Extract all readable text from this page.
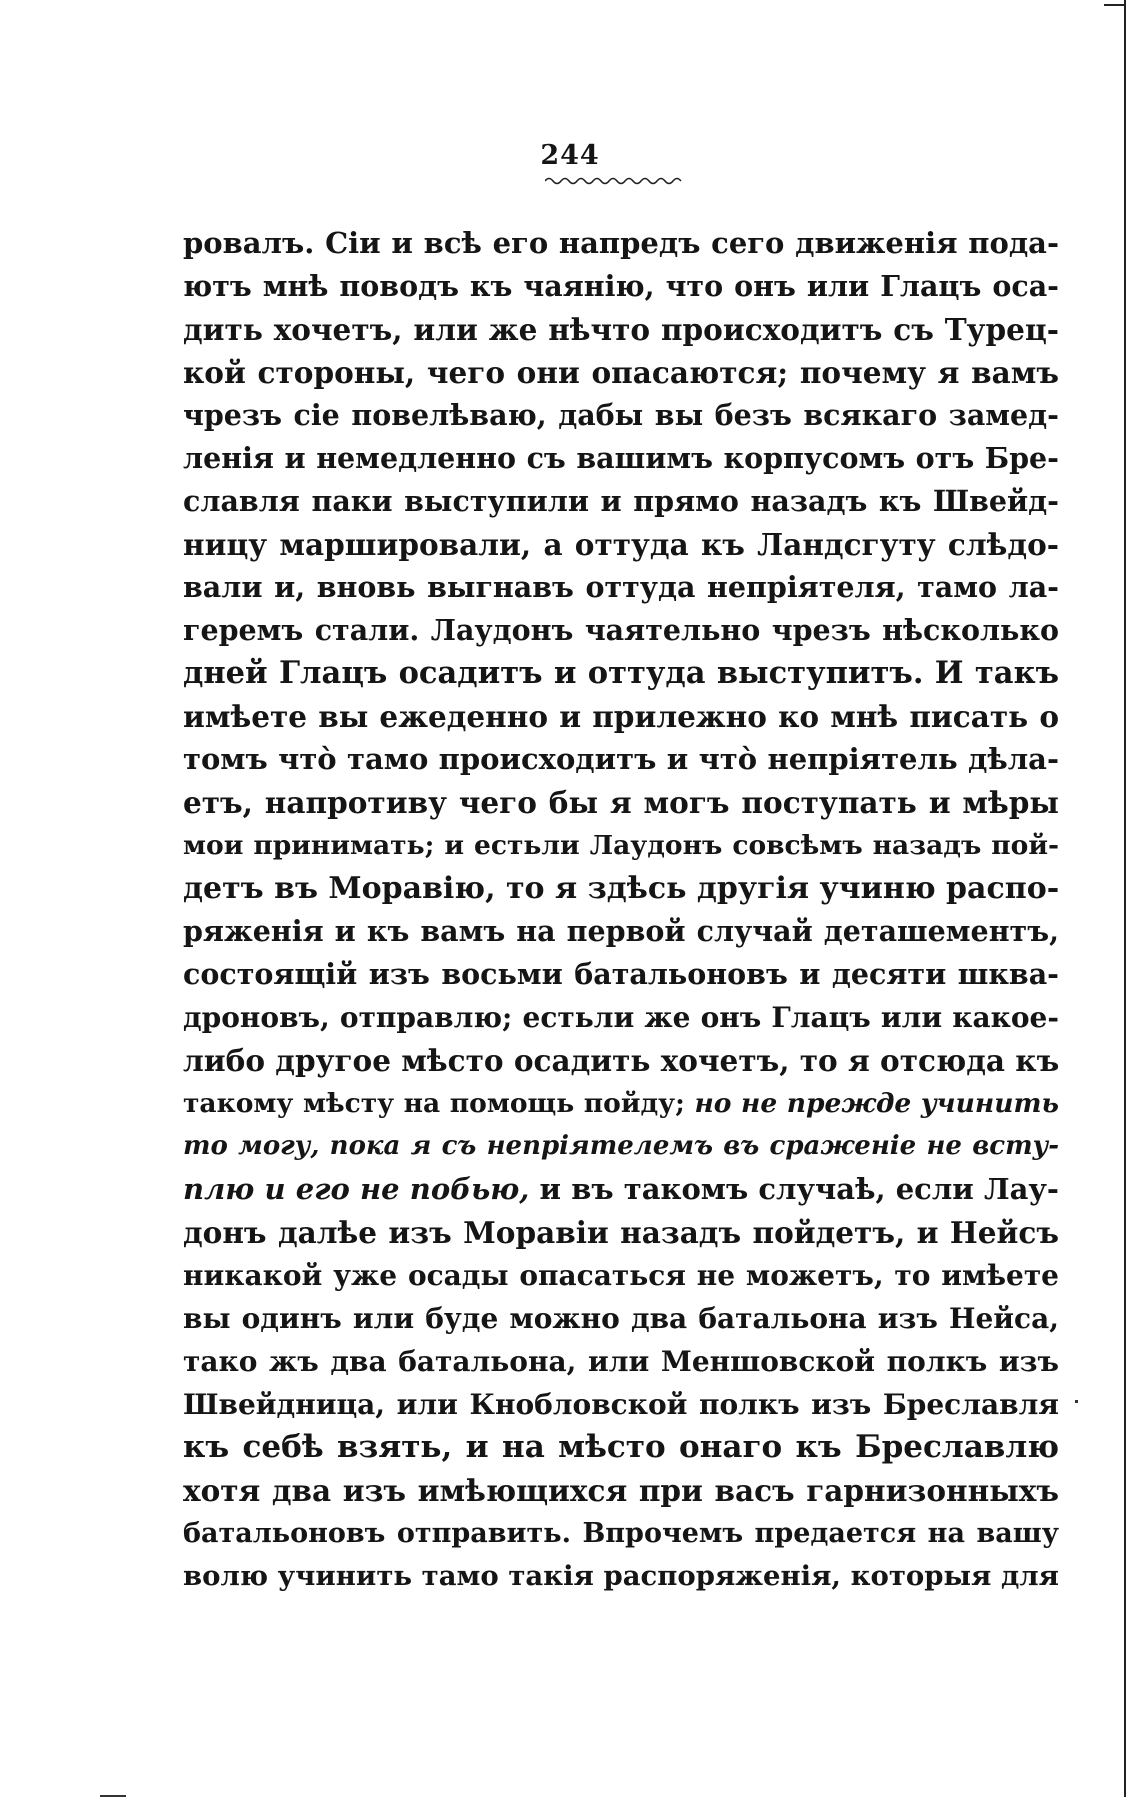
244
ровалъ. Сіи и всѣ его напредъ сего движенія пода-
ютъ мнѣ поводъ къ чаянію, что онъ или Глацъ оса-
дить хочетъ, или же нѣчто происходитъ съ Турец-
кой стороны, чего они опасаются; почему я вамъ
чрезъ сіе повелѣваю, дабы вы безъ всякаго замед-
ленія и немедленно съ вашимъ корпусомъ отъ Бре-
славля паки выступили и прямо назадъ къ Швейд-
ницу маршировали, а оттуда къ Ландсгуту слѣдо-
вали и, вновь выгнавъ оттуда непріятеля, тамо ла-
геремъ стали. Лаудонъ чаятельно чрезъ нѣсколько
дней Глацъ осадитъ и оттуда выступитъ. И такъ
имѣете вы ежеденно и прилежно ко мнѣ писать о
томъ что̀ тамо происходитъ и что̀ непріятель дѣла-
етъ, напротиву чего бы я могъ поступать и мѣры
мои принимать; и естьли Лаудонъ совсѣмъ назадъ пой-
детъ въ Моравію, то я здѣсь другія учиню распо-
ряженія и къ вамъ на первой случай деташементъ,
состоящій изъ восьми батальоновъ и десяти шква-
дроновъ, отправлю; естьли же онъ Глацъ или какое-
либо другое мѣсто осадить хочетъ, то я отсюда къ
такому мѣсту на помощь пойду; но не прежде учинить
то могу, пока я съ непріятелемъ въ сраженіе не всту-
плю и его не побью, и въ такомъ случаѣ, если Лау-
донъ далѣе изъ Моравіи назадъ пойдетъ, и Нейсъ
никакой уже осады опасаться не можетъ, то имѣете
вы одинъ или буде можно два батальона изъ Нейса,
тако жъ два батальона, или Меншовской полкъ изъ
Швейдница, или Кнобловской полкъ изъ Бреславля
къ себѣ взять, и на мѣсто онаго къ Бреславлю
хотя два изъ имѣющихся при васъ гарнизонныхъ
батальоновъ отправить. Впрочемъ предается на вашу
волю учинить тамо такія распоряженія, которыя для
